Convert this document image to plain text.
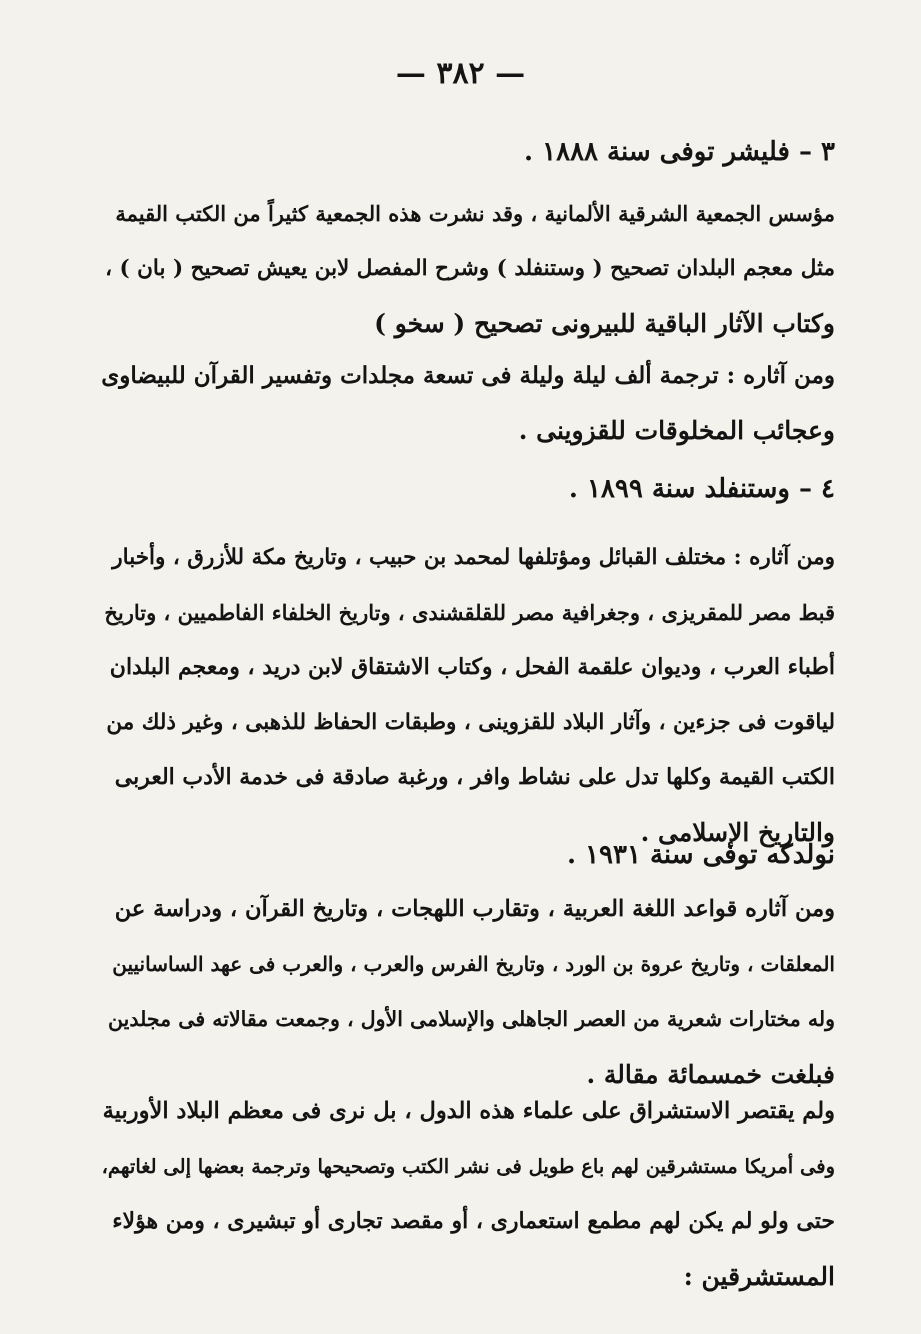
— ٣٨٢ —
٣ – فليشر توفى سنة ١٨٨٨ .
مؤسس الجمعية الشرقية الألمانية ، وقد نشرت هذه الجمعية كثيراً من الكتب القيمة
مثل معجم البلدان تصحيح ( وستنفلد ) وشرح المفصل لابن يعيش تصحيح ( بان ) ،
وكتاب الآثار الباقية للبيرونى تصحيح ( سخو )
ومن آثاره : ترجمة ألف ليلة وليلة فى تسعة مجلدات وتفسير القرآن للبيضاوى
وعجائب المخلوقات للقزوينى .
٤ – وستنفلد سنة ١٨٩٩ .
ومن آثاره : مختلف القبائل ومؤتلفها لمحمد بن حبيب ، وتاريخ مكة للأزرق ، وأخبار
قبط مصر للمقريزى ، وجغرافية مصر للقلقشندى ، وتاريخ الخلفاء الفاطميين ، وتاريخ
أطباء العرب ، وديوان علقمة الفحل ، وكتاب الاشتقاق لابن دريد ، ومعجم البلدان
لياقوت فى جزءين ، وآثار البلاد للقزوينى ، وطبقات الحفاظ للذهبى ، وغير ذلك من
الكتب القيمة وكلها تدل على نشاط وافر ، ورغبة صادقة فى خدمة الأدب العربى
والتاريخ الإسلامى .
نولدكه توفى سنة ١٩٣١ .
ومن آثاره قواعد اللغة العربية ، وتقارب اللهجات ، وتاريخ القرآن ، ودراسة عن
المعلقات ، وتاريخ عروة بن الورد ، وتاريخ الفرس والعرب ، والعرب فى عهد الساسانيين
وله مختارات شعرية من العصر الجاهلى والإسلامى الأول ، وجمعت مقالاته فى مجلدين
فبلغت خمسمائة مقالة .
ولم يقتصر الاستشراق على علماء هذه الدول ، بل نرى فى معظم البلاد الأوربية
وفى أمريكا مستشرقين لهم باع طويل فى نشر الكتب وتصحيحها وترجمة بعضها إلى لغاتهم،
حتى ولو لم يكن لهم مطمع استعمارى ، أو مقصد تجارى أو تبشيرى ، ومن هؤلاء
المستشرقين :
